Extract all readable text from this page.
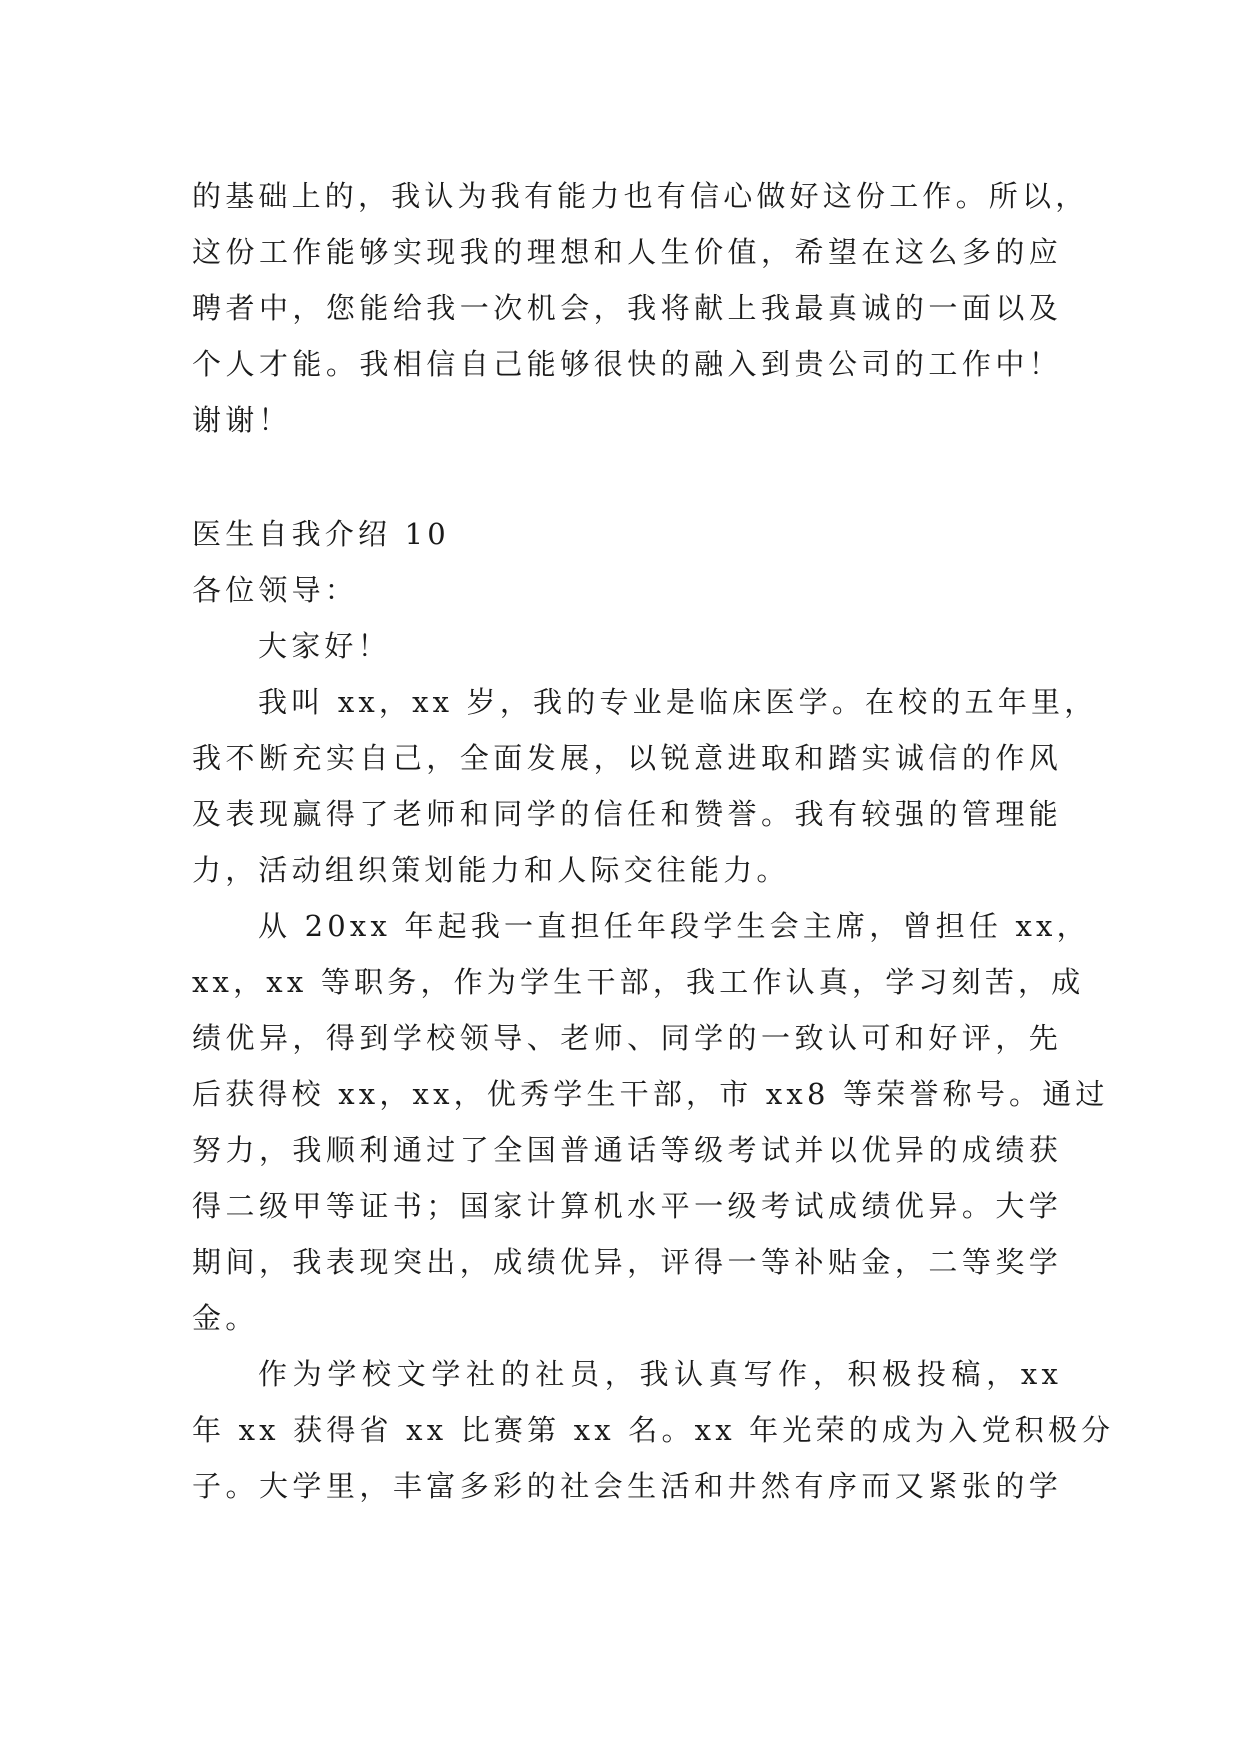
的基础上的，我认为我有能力也有信心做好这份工作。所以，
这份工作能够实现我的理想和人生价值，希望在这么多的应
聘者中，您能给我一次机会，我将献上我最真诚的一面以及
个人才能。我相信自己能够很快的融入到贵公司的工作中！
谢谢！
医生自我介绍 10
各位领导：
大家好！
我叫 xx，xx 岁，我的专业是临床医学。在校的五年里，
我不断充实自己，全面发展，以锐意进取和踏实诚信的作风
及表现赢得了老师和同学的信任和赞誉。我有较强的管理能
力，活动组织策划能力和人际交往能力。
从 20xx 年起我一直担任年段学生会主席，曾担任 xx，
xx，xx 等职务，作为学生干部，我工作认真，学习刻苦，成
绩优异，得到学校领导、老师、同学的一致认可和好评，先
后获得校 xx，xx，优秀学生干部，市 xx8 等荣誉称号。通过
努力，我顺利通过了全国普通话等级考试并以优异的成绩获
得二级甲等证书；国家计算机水平一级考试成绩优异。大学
期间，我表现突出，成绩优异，评得一等补贴金，二等奖学
金。
作为学校文学社的社员，我认真写作，积极投稿，xx
年 xx 获得省 xx 比赛第 xx 名。xx 年光荣的成为入党积极分
子。大学里，丰富多彩的社会生活和井然有序而又紧张的学
